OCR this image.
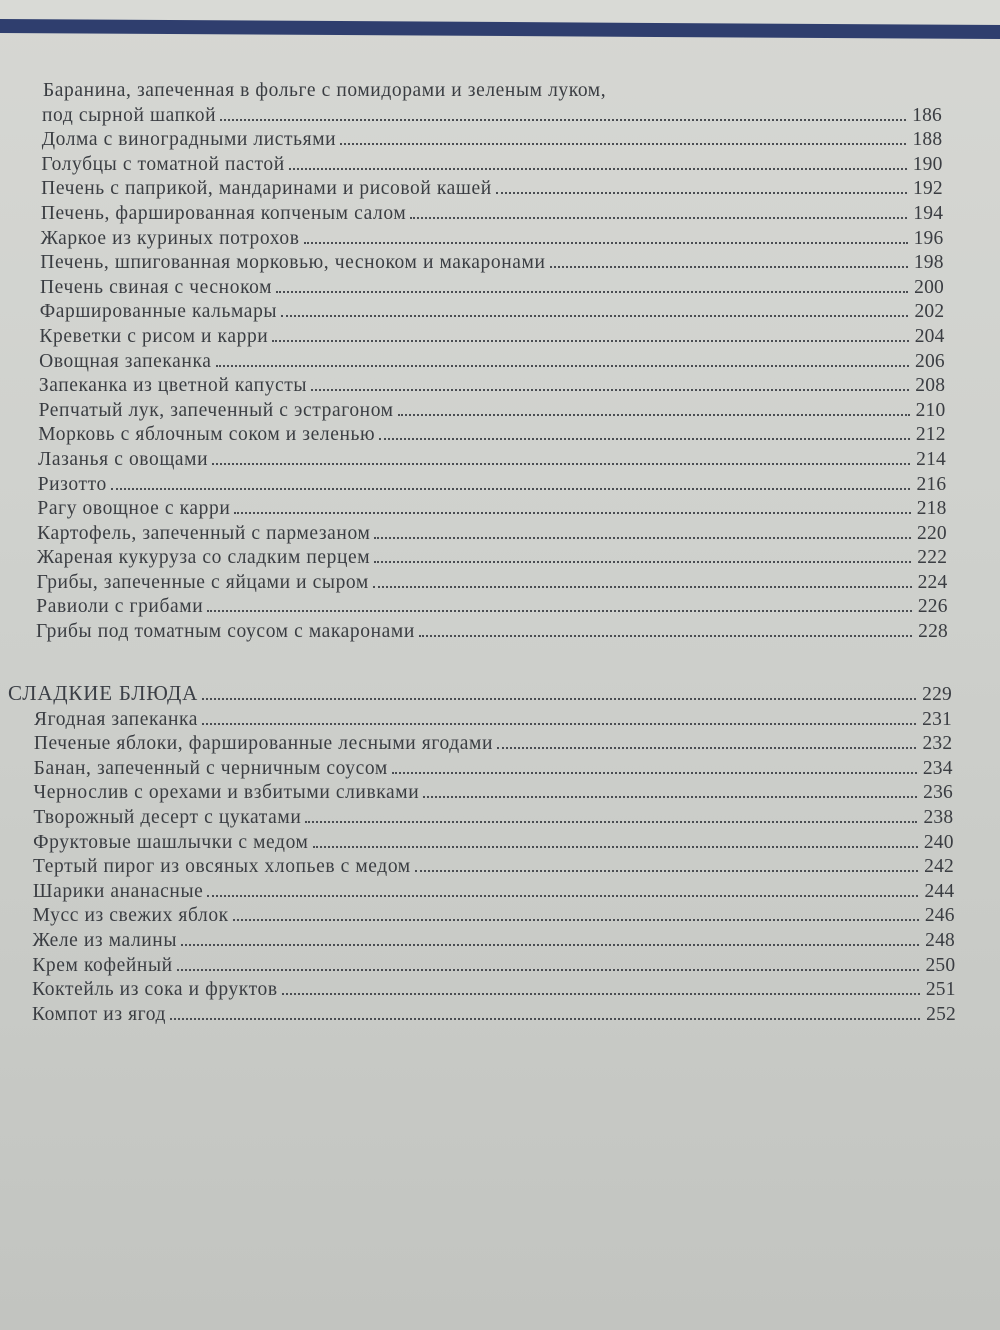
Баранина, запеченная в фольге с помидорами и зеленым луком,
под сырной шапкой	186
Долма с виноградными листьями	188
Голубцы с томатной пастой	190
Печень с паприкой, мандаринами и рисовой кашей	192
Печень, фаршированная копченым салом	194
Жаркое из куриных потрохов	196
Печень, шпигованная морковью, чесноком и макаронами	198
Печень свиная с чесноком	200
Фаршированные кальмары	202
Креветки с рисом и карри	204
Овощная запеканка	206
Запеканка из цветной капусты	208
Репчатый лук, запеченный с эстрагоном	210
Морковь с яблочным соком и зеленью	212
Лазанья с овощами	214
Ризотто	216
Рагу овощное с карри	218
Картофель, запеченный с пармезаном	220
Жареная кукуруза со сладким перцем	222
Грибы, запеченные с яйцами и сыром	224
Равиоли с грибами	226
Грибы под томатным соусом с макаронами	228
СЛАДКИЕ БЛЮДА	229
Ягодная запеканка	231
Печеные яблоки, фаршированные лесными ягодами	232
Банан, запеченный с черничным соусом	234
Чернослив с орехами и взбитыми сливками	236
Творожный десерт с цукатами	238
Фруктовые шашлычки с медом	240
Тертый пирог из овсяных хлопьев с медом	242
Шарики ананасные	244
Мусс из свежих яблок	246
Желе из малины	248
Крем кофейный	250
Коктейль из сока и фруктов	251
Компот из ягод	252
